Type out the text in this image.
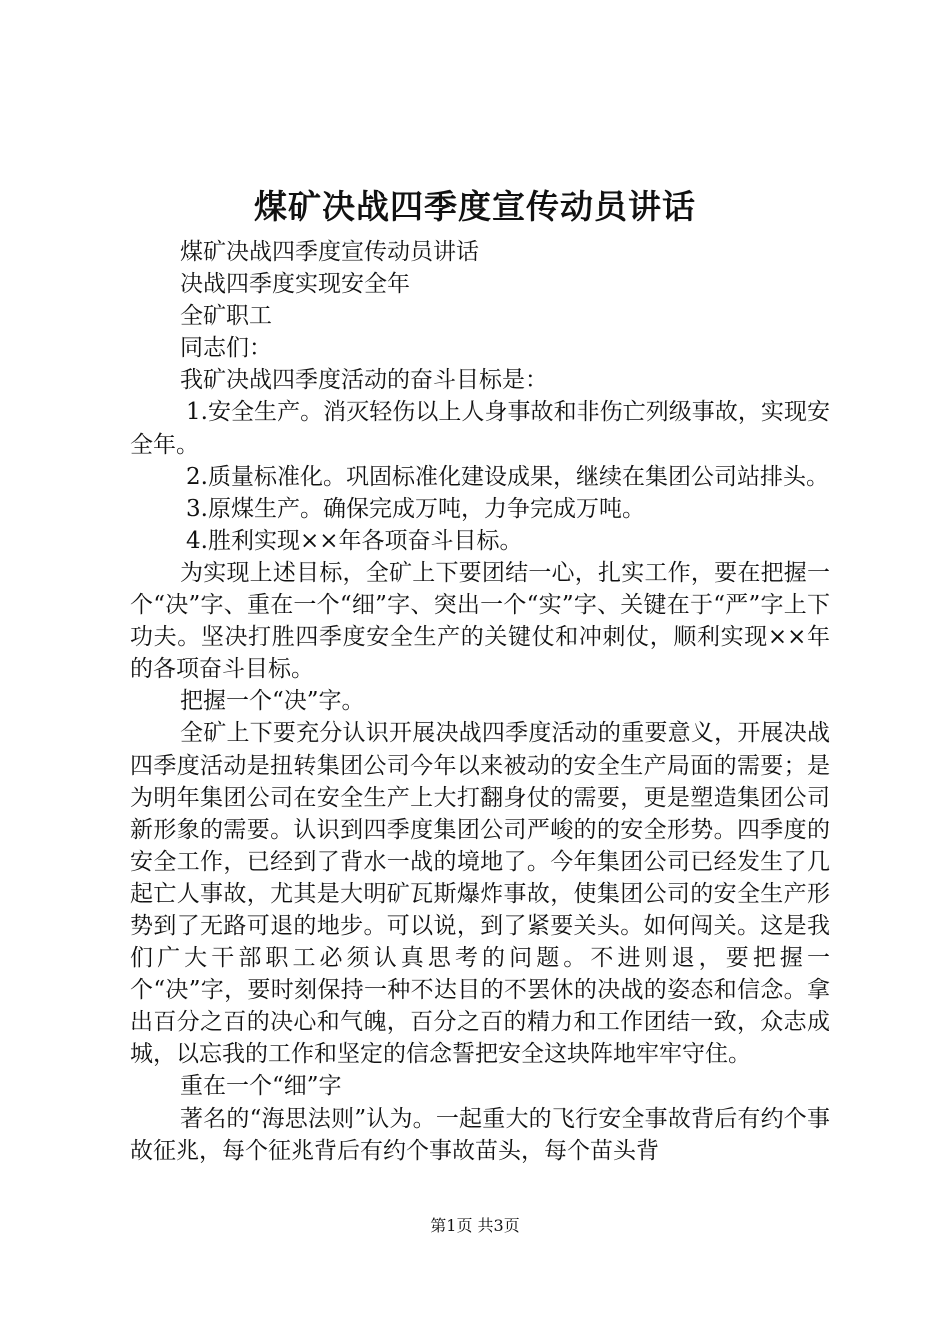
煤矿决战四季度宣传动员讲话

煤矿决战四季度宣传动员讲话

决战四季度实现安全年

全矿职工

同志们：

我矿决战四季度活动的奋斗目标是：

1.安全生产。消灭轻伤以上人身事故和非伤亡列级事故，实现安全年。

2.质量标准化。巩固标准化建设成果，继续在集团公司站排头。

3.原煤生产。确保完成万吨，力争完成万吨。

4.胜利实现××年各项奋斗目标。

为实现上述目标，全矿上下要团结一心，扎实工作，要在把握一个“决”字、重在一个“细”字、突出一个“实”字、关键在于“严”字上下功夫。坚决打胜四季度安全生产的关键仗和冲刺仗，顺利实现××年的各项奋斗目标。

把握一个“决”字。

全矿上下要充分认识开展决战四季度活动的重要意义，开展决战四季度活动是扭转集团公司今年以来被动的安全生产局面的需要；是为明年集团公司在安全生产上大打翻身仗的需要，更是塑造集团公司新形象的需要。认识到四季度集团公司严峻的的安全形势。四季度的安全工作，已经到了背水一战的境地了。今年集团公司已经发生了几起亡人事故，尤其是大明矿瓦斯爆炸事故，使集团公司的安全生产形势到了无路可退的地步。可以说，到了紧要关头。如何闯关。这是我们广大干部职工必须认真思考的问题。不进则退，要把握一个“决”字，要时刻保持一种不达目的不罢休的决战的姿态和信念。拿出百分之百的决心和气魄，百分之百的精力和工作团结一致，众志成城，以忘我的工作和坚定的信念誓把安全这块阵地牢牢守住。

重在一个“细”字

著名的“海思法则”认为。一起重大的飞行安全事故背后有约个事故征兆，每个征兆背后有约个事故苗头，每个苗头背

第1页 共3页
